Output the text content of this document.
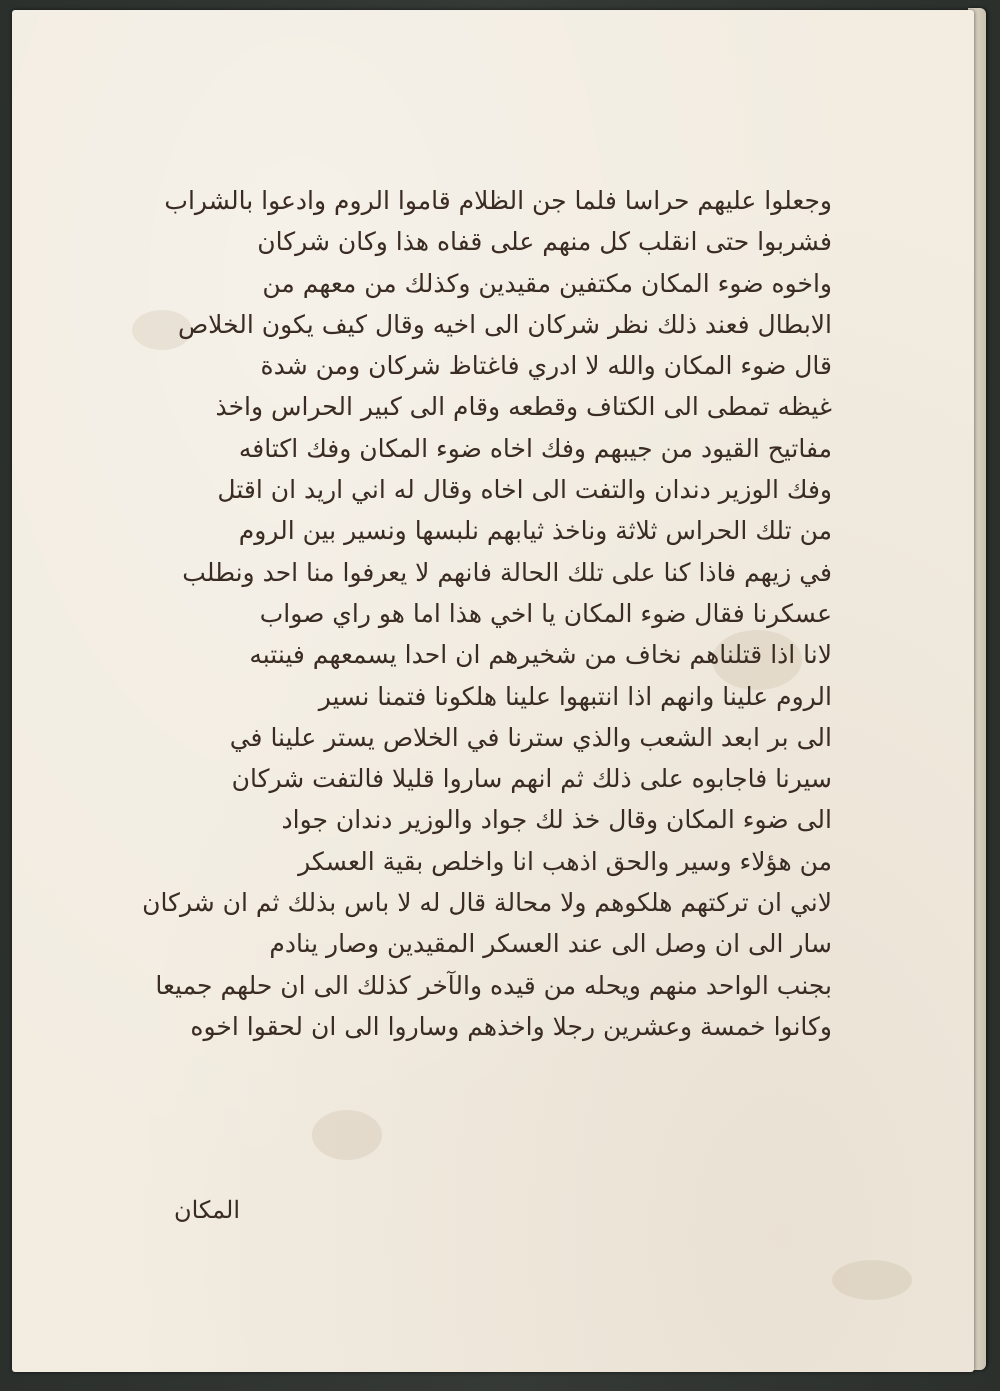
وجعلوا عليهم حراسا فلما جن الظلام قاموا الروم وادعوا بالشراب
فشربوا حتى انقلب كل منهم على قفاه هذا وكان شركان
واخوه ضوء المكان مكتفين مقيدين وكذلك من معهم من
الابطال فعند ذلك نظر شركان الى اخيه وقال كيف يكون الخلاص
قال ضوء المكان والله لا ادري فاغتاظ شركان ومن شدة
غيظه تمطى الى الكتاف وقطعه وقام الى كبير الحراس واخذ
مفاتيح القيود من جيبهم وفك اخاه ضوء المكان وفك اكتافه
وفك الوزير دندان والتفت الى اخاه وقال له اني اريد ان اقتل
من تلك الحراس ثلاثة وناخذ ثيابهم نلبسها ونسير بين الروم
في زيهم فاذا كنا على تلك الحالة فانهم لا يعرفوا منا احد ونطلب
عسكرنا فقال ضوء المكان يا اخي هذا اما هو راي صواب
لانا اذا قتلناهم نخاف من شخيرهم ان احدا يسمعهم فينتبه
الروم علينا وانهم اذا انتبهوا علينا هلكونا فتمنا نسير
الى بر ابعد الشعب والذي سترنا في الخلاص يستر علينا في
سيرنا فاجابوه على ذلك ثم انهم ساروا قليلا فالتفت شركان
الى ضوء المكان وقال خذ لك جواد والوزير دندان جواد
من هؤلاء وسير والحق اذهب انا واخلص بقية العسكر
لاني ان تركتهم هلكوهم ولا محالة قال له لا باس بذلك ثم ان شركان
سار الى ان وصل الى عند العسكر المقيدين وصار ينادم
بجنب الواحد منهم ويحله من قيده والآخر كذلك الى ان حلهم جميعا
وكانوا خمسة وعشرين رجلا واخذهم وساروا الى ان لحقوا اخوه
المكان
